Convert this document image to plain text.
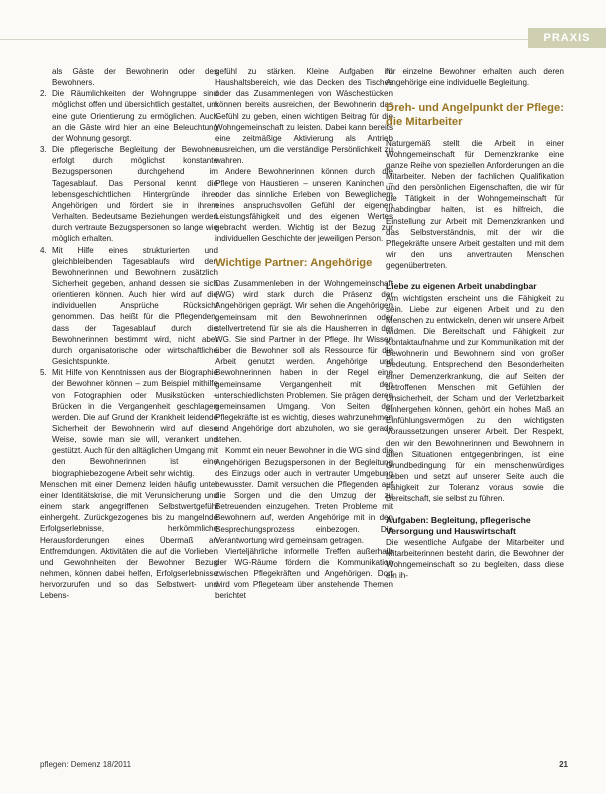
PRAXIS

als Gäste der Bewohnerin oder des Bewohners.

2. Die Räumlichkeiten der Wohngruppe sind möglichst offen und übersichtlich gestaltet, um eine gute Orientierung zu ermöglichen. Auch an die Gäste wird hier an eine Beleuchtung der Wohnung gesorgt.
3. Die pflegerische Begleitung der Bewohner erfolgt durch möglichst konstante Bezugspersonen durchgehend im Tagesablauf. Das Personal kennt die lebensgeschichtlichen Hintergründe ihrer Angehörigen und fördert sie in ihrem Verhalten. Bedeutsame Beziehungen werden durch vertraute Bezugspersonen so lange wie möglich erhalten.
4. Mit Hilfe eines strukturierten und gleichbleibenden Tagesablaufs wird den Bewohnerinnen und Bewohnern zusätzlich Sicherheit gegeben, anhand dessen sie sich orientieren können. Auch hier wird auf die individuellen Ansprüche Rücksicht genommen. Das heißt für die Pflegenden, dass der Tagesablauf durch die Bewohnerinnen bestimmt wird, nicht aber durch organisatorische oder wirtschaftliche Gesichtspunkte.
5. Mit Hilfe von Kenntnissen aus der Biographie der Bewohner können – zum Beispiel mithilfe von Fotographien oder Musikstücken – Brücken in die Vergangenheit geschlagen werden. Die auf Grund der Krankheit leidende Sicherheit der Bewohnerin wird auf diese Weise, sowie man sie will, verankert und gestützt. Auch für den alltäglichen Umgang mit den Bewohnerinnen ist eine biographiebezogene Arbeit sehr wichtig.

Menschen mit einer Demenz leiden häufig unter einer Identitätskrise, die mit Verunsicherung und einem stark angegriffenen Selbstwertgefühl einhergeht. Zurückgezogenes bis zu mangelnde Erfolgserlebnisse, herkömmliche Herausforderungen eines Übermaß an Entfremdungen. Aktivitäten die auf die Vorlieben und Gewohnheiten der Bewohner Bezug nehmen, können dabei helfen, Erfolgserlebnisse hervorzurufen und so das Selbstwert- und Lebens-

gefühl zu stärken. Kleine Aufgaben im Haushaltsbereich, wie das Decken des Tisches oder das Zusammenlegen von Wäschestücken können bereits ausreichen, der Bewohnerin das Gefühl zu geben, einen wichtigen Beitrag für die Wohngemeinschaft zu leisten. Dabei kann bereits eine zeitmäßige Aktivierung als Antrieb ausreichen, um die verständige Persönlichkeit zu wahren.

Andere Bewohnerinnen können durch die Pflege von Haustieren – unseren Kaninchen – oder das sinnliche Erleben von Beweglichem eines anspruchsvollen Gefühl der eigenen Leistungsfähigkeit und des eigenen Wertes gebracht werden. Wichtig ist der Bezug zur individuellen Geschichte der jeweiligen Person.

Wichtige Partner: Angehörige

Das Zusammenleben in der Wohngemeinschaft (WG) wird stark durch die Präsenz der Angehörigen geprägt. Wir sehen die Angehörigen gemeinsam mit den Bewohnerinnen oder stellvertretend für sie als die Hausherren in der WG. Sie sind Partner in der Pflege. Ihr Wissen über die Bewohner soll als Ressource für die Arbeit genutzt werden. Angehörige und Bewohnerinnen haben in der Regel eine gemeinsame Vergangenheit mit den unterschiedlichsten Problemen. Sie prägen deren gemeinsamen Umgang. Von Seiten der Pflegekräfte ist es wichtig, dieses wahrzunehmen und Angehörige dort abzuholen, wo sie gerade stehen.

Kommt ein neuer Bewohner in die WG sind die Angehörigen Bezugspersonen in der Begleitung des Einzugs oder auch in vertrauter Umgebung bewusster. Damit versuchen die Pflegenden auf die Sorgen und die den Umzug der zu Betreuenden einzugehen. Treten Probleme mit Bewohnern auf, werden Angehörige mit in den Besprechungsprozess einbezogen. Die Verantwortung wird gemeinsam getragen.

Vierteljährliche informelle Treffen außerhalb der WG-Räume fördern die Kommunikation zwischen Pflegekräften und Angehörigen. Dort wird vom Pflegeteam über anstehende Themen berichtet

für einzelne Bewohner erhalten auch deren Angehörige eine individuelle Begleitung.

Dreh- und Angelpunkt der Pflege: die Mitarbeiter

Naturgemäß stellt die Arbeit in einer Wohngemeinschaft für Demenzkranke eine ganze Reihe von speziellen Anforderungen an die Mitarbeiter. Neben der fachlichen Qualifikation und den persönlichen Eigenschaften, die wir für die Tätigkeit in der Wohngemeinschaft für unabdingbar halten, ist es hilfreich, die Einstellung zur Arbeit mit Demenzkranken und das Selbstverständnis, mit der wir die Pflegekräfte unsere Arbeit gestalten und mit dem wir den uns anvertrauten Menschen gegenübertreten.

Liebe zu eigenen Arbeit unabdingbar

Am wichtigsten erscheint uns die Fähigkeit zu sein. Liebe zur eigenen Arbeit und zu den Menschen zu entwickeln, denen wir unsere Arbeit widmen. Die Bereitschaft und Fähigkeit zur Kontaktaufnahme und zur Kommunikation mit der Bewohnerin und Bewohnern sind von großer Bedeutung. Entsprechend den Besonderheiten einer Demenzerkrankung, die auf Seiten der betroffenen Menschen mit Gefühlen der Unsicherheit, der Scham und der Verletzbarkeit einhergehen können, gehört ein hohes Maß an Einfühlungsvermögen zu den wichtigsten Voraussetzungen unserer Arbeit. Der Respekt, den wir den Bewohnerinnen und Bewohnern in allen Situationen entgegenbringen, ist eine Grundbedingung für ein menschenwürdiges Leben und setzt auf unserer Seite auch die Fähigkeit zur Toleranz voraus sowie die Bereitschaft, sie selbst zu führen.

Aufgaben: Begleitung, pflegerische Versorgung und Hauswirtschaft

Die wesentliche Aufgabe der Mitarbeiter und Mitarbeiterinnen besteht darin, die Bewohner der Wohngemeinschaft so zu begleiten, dass diese ein ih-

pflegen: Demenz 18/2011	21
